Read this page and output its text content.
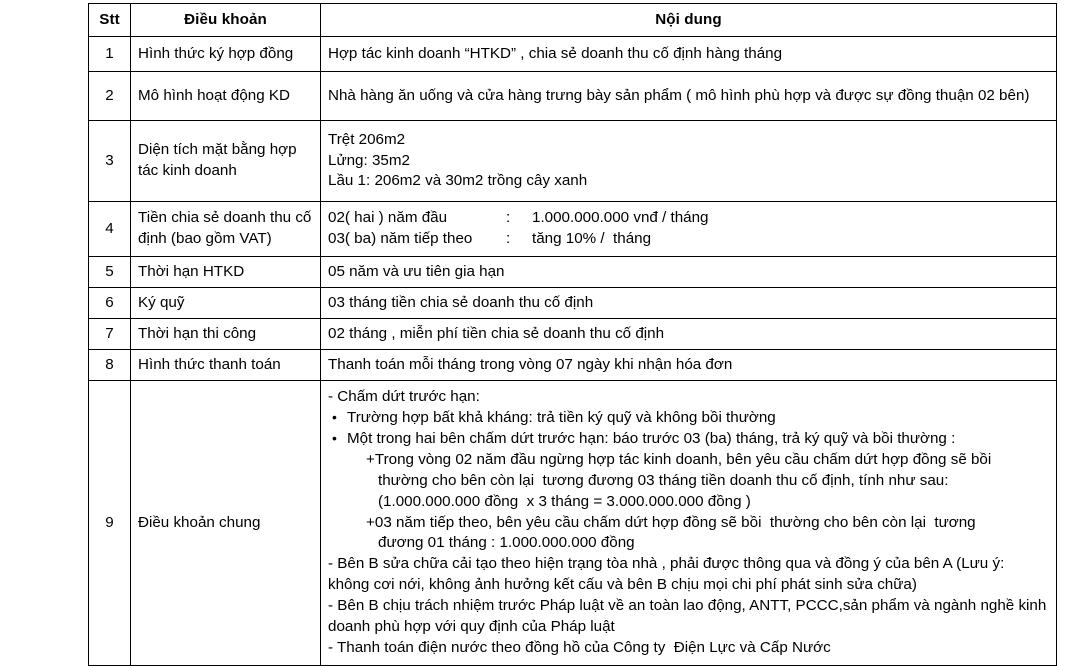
Stt	Điều khoản	Nội dung
1	Hình thức ký hợp đồng	Hợp tác kinh doanh “HTKD” , chia sẻ doanh thu cố định hàng tháng

2	Mô hình hoạt động KD	Nhà hàng ăn uống và cửa hàng trưng bày sản phẩm ( mô hình phù hợp và được sự đồng thuận 02 bên)

3	Diện tích mặt bằng hợp tác kinh doanh	Trệt 206m2
Lửng: 35m2
Lầu 1: 206m2 và 30m2 trồng cây xanh

4	Tiền chia sẻ doanh thu cố định (bao gồm VAT)	02( hai ) năm đầu : 1.000.000.000 vnđ / tháng
03( ba) năm tiếp theo : tăng 10% /  tháng

5	Thời hạn HTKD	05 năm và ưu tiên gia hạn
6	Ký quỹ	03 tháng tiền chia sẻ doanh thu cố định
7	Thời hạn thi công	02 tháng , miễn phí tiền chia sẻ doanh thu cố định
8	Hình thức thanh toán	Thanh toán mỗi tháng trong vòng 07 ngày khi nhận hóa đơn
9	Điều khoản chung	
- Chấm dứt trước hạn:
• Trường hợp bất khả kháng: trả tiền ký quỹ và không bồi thường
• Một trong hai bên chấm dứt trước hạn: báo trước 03 (ba) tháng, trả ký quỹ và bồi thường :
+Trong vòng 02 năm đầu ngừng hợp tác kinh doanh, bên yêu cầu chấm dứt hợp đồng sẽ bồi
thường cho bên còn lại  tương đương 03 tháng tiền doanh thu cố định, tính như sau:
(1.000.000.000 đồng  x 3 tháng = 3.000.000.000 đồng )
+03 năm tiếp theo, bên yêu cầu chấm dứt hợp đồng sẽ bồi  thường cho bên còn lại  tương
đương 01 tháng : 1.000.000.000 đồng
- Bên B sửa chữa cải tạo theo hiện trạng tòa nhà , phải được thông qua và đồng ý của bên A (Lưu ý: không cơi nới, không ảnh hưởng kết cấu và bên B chịu mọi chi phí phát sinh sửa chữa)
- Bên B chịu trách nhiệm trước Pháp luật về an toàn lao động, ANTT, PCCC,sản phẩm và ngành nghề kinh doanh phù hợp với quy định của Pháp luật
- Thanh toán điện nước theo đồng hồ của Công ty  Điện Lực và Cấp Nước
